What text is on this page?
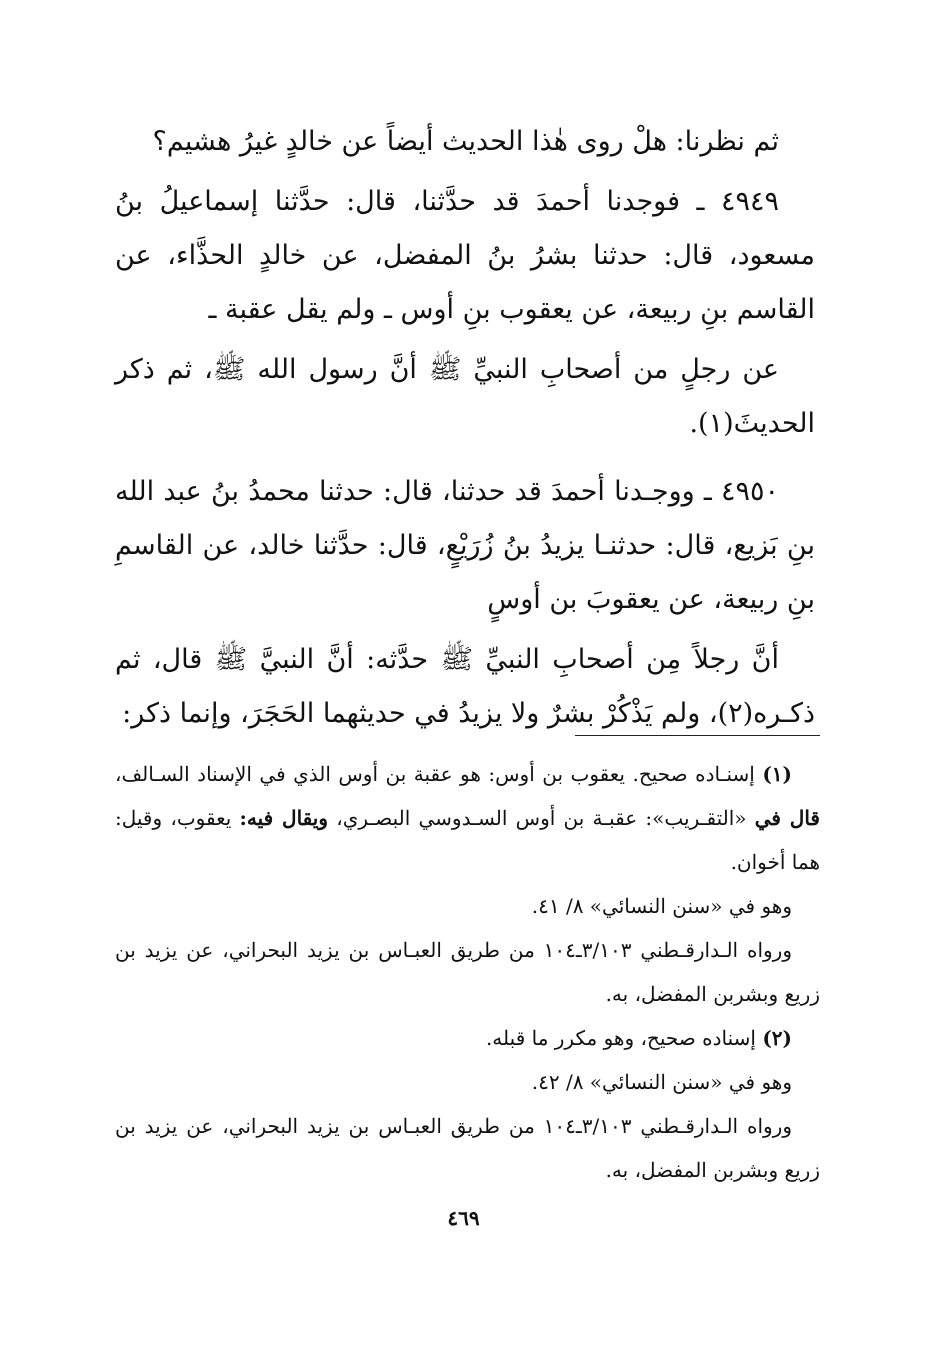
ثم نظرنا: هلْ روى هٰذا الحديث أيضاً عن خالدٍ غيرُ هشيم؟

٤٩٤٩ ـ فوجدنا أحمدَ قد حدَّثنا، قال: حدَّثنا إسماعيلُ بنُ مسعود، قال: حدثنا بشرُ بنُ المفضل، عن خالدٍ الحذَّاء، عن القاسم بنِ ربيعة، عن يعقوب بنِ أوس ـ ولم يقل عقبة ـ

عن رجلٍ من أصحابِ النبيِّ ﷺ أنَّ رسول الله ﷺ، ثم ذكر الحديثَ(١).

٤٩٥٠ ـ ووجـدنا أحمدَ قد حدثنا، قال: حدثنا محمدُ بنُ عبد الله بنِ بَزيع، قال: حدثنـا يزيدُ بنُ زُرَيْعٍ، قال: حدَّثنا خالد، عن القاسمِ بنِ ربيعة، عن يعقوبَ بن أوسٍ

أنَّ رجلاً مِن أصحابِ النبيِّ ﷺ حدَّثه: أنَّ النبيَّ ﷺ قال، ثم ذكـره(٢)، ولم يَذْكُرْ بشرٌ ولا يزيدُ في حديثهما الحَجَرَ، وإنما ذكر:

(١) إسنـاده صحيح. يعقوب بن أوس: هو عقبة بن أوس الذي في الإسناد السـالف، قال في «التقـريب»: عقبـة بن أوس السـدوسي البصـري، ويقال فيه: يعقوب، وقيل: هما أخوان.

وهو في «سنن النسائي» ٨/ ٤١.

ورواه الـدارقـطني ٣/١٠٣ـ١٠٤ من طريق العبـاس بن يزيد البحراني، عن يزيد بن زريع وبشربن المفضل، به.

(٢) إسناده صحيح، وهو مكرر ما قبله.

وهو في «سنن النسائي» ٨/ ٤٢.

ورواه الـدارقـطني ٣/١٠٣ـ١٠٤ من طريق العبـاس بن يزيد البحراني، عن يزيد بن زريع وبشربن المفضل، به.

٤٦٩
